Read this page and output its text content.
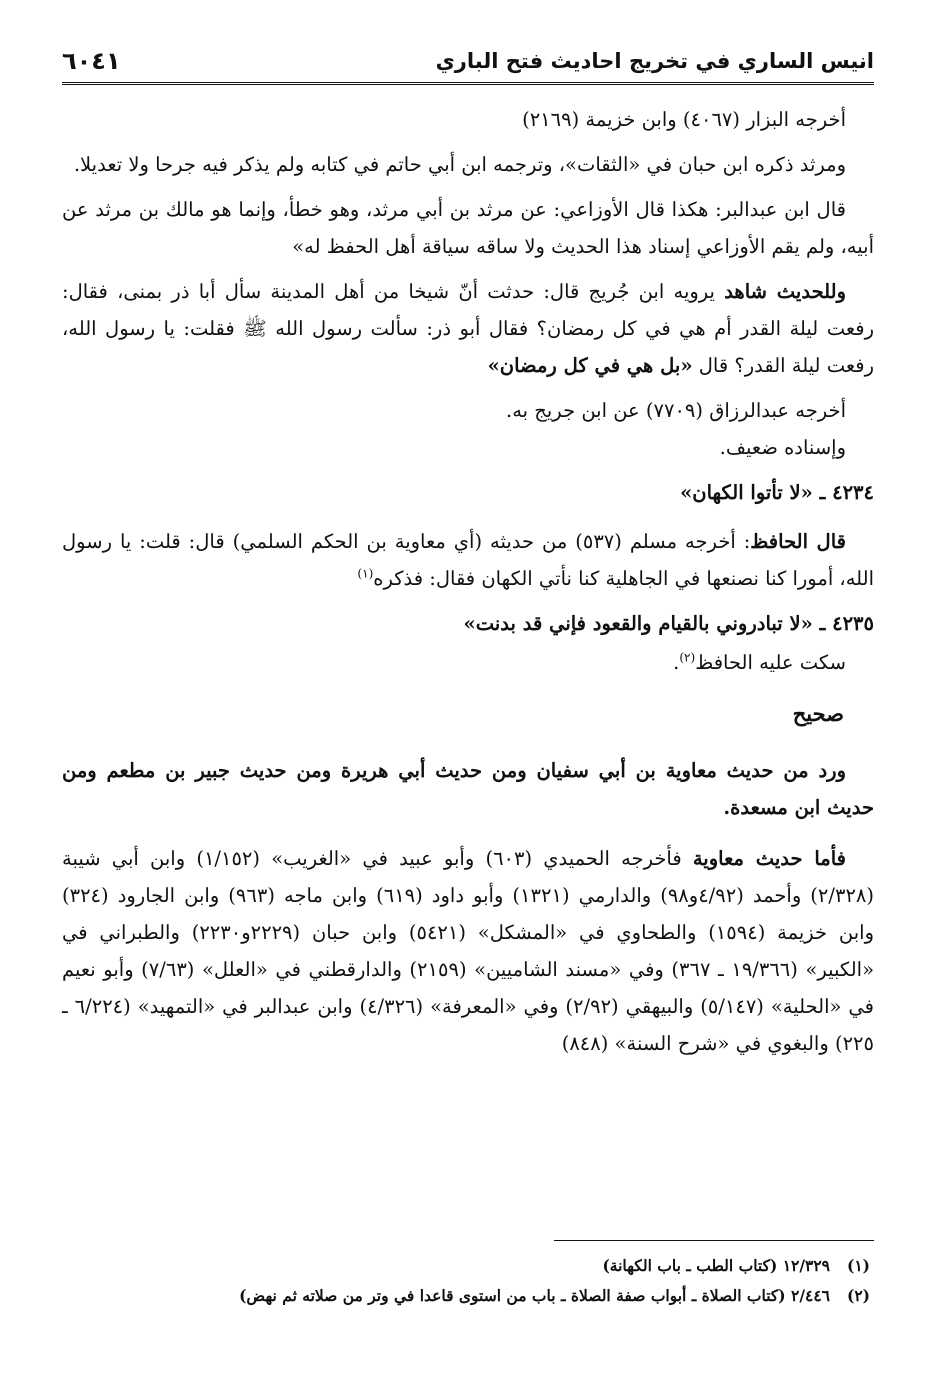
انيس الساري في تخريج احاديث فتح الباري
٦٠٤١

أخرجه البزار (٤٠٦٧) وابن خزيمة (٢١٦٩)

ومرثد ذكره ابن حبان في «الثقات»، وترجمه ابن أبي حاتم في كتابه ولم يذكر فيه جرحا ولا تعديلا.

قال ابن عبدالبر: هكذا قال الأوزاعي: عن مرثد بن أبي مرثد، وهو خطأ، وإنما هو مالك بن مرثد عن أبيه، ولم يقم الأوزاعي إسناد هذا الحديث ولا ساقه سياقة أهل الحفظ له»

وللحديث شاهد يرويه ابن جُريج قال: حدثت أنّ شيخا من أهل المدينة سأل أبا ذر بمنى، فقال: رفعت ليلة القدر أم هي في كل رمضان؟ فقال أبو ذر: سألت رسول الله ﷺ فقلت: يا رسول الله، رفعت ليلة القدر؟ قال «بل هي في كل رمضان»

أخرجه عبدالرزاق (٧٧٠٩) عن ابن جريج به.

وإسناده ضعيف.

٤٢٣٤ ـ «لا تأتوا الكهان»

قال الحافظ: أخرجه مسلم (٥٣٧) من حديثه (أي معاوية بن الحكم السلمي) قال: قلت: يا رسول الله، أمورا كنا نصنعها في الجاهلية كنا نأتي الكهان فقال: فذكره$^{(١)}$

٤٢٣٥ ـ «لا تبادروني بالقيام والقعود فإني قد بدنت»

سكت عليه الحافظ$^{(٢)}$.

صحيح

ورد من حديث معاوية بن أبي سفيان ومن حديث أبي هريرة ومن حديث جبير بن مطعم ومن حديث ابن مسعدة.

فأما حديث معاوية فأخرجه الحميدي (٦٠٣) وأبو عبيد في «الغريب» (١/١٥٢) وابن أبي شيبة (٢/٣٢٨) وأحمد (٤/٩٢و٩٨) والدارمي (١٣٢١) وأبو داود (٦١٩) وابن ماجه (٩٦٣) وابن الجارود (٣٢٤) وابن خزيمة (١٥٩٤) والطحاوي في «المشكل» (٥٤٢١) وابن حبان (٢٢٢٩و٢٢٣٠) والطبراني في «الكبير» (١٩/٣٦٦ ـ ٣٦٧) وفي «مسند الشاميين» (٢١٥٩) والدارقطني في «العلل» (٧/٦٣) وأبو نعيم في «الحلية» (٥/١٤٧) والبيهقي (٢/٩٢) وفي «المعرفة» (٤/٣٢٦) وابن عبدالبر في «التمهيد» (٦/٢٢٤ ـ ٢٢٥) والبغوي في «شرح السنة» (٨٤٨)

(١)١٢/٣٢٩ (كتاب الطب ـ باب الكهانة)
(٢)٢/٤٤٦ (كتاب الصلاة ـ أبواب صفة الصلاة ـ باب من استوى قاعدا في وتر من صلاته ثم نهض)
